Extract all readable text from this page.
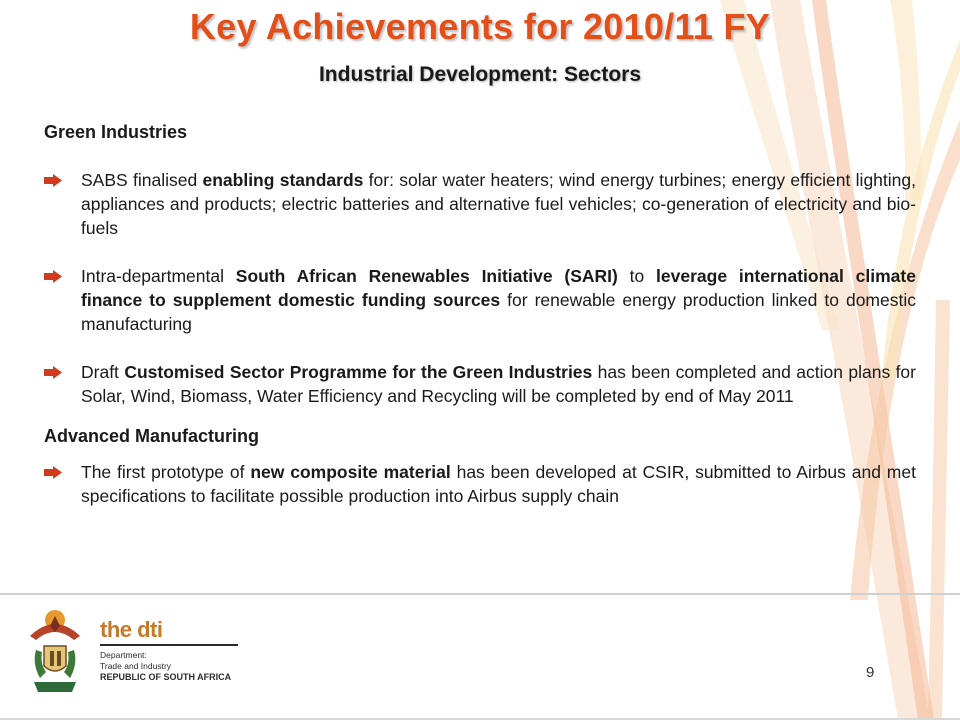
Key Achievements for 2010/11 FY
Industrial Development: Sectors
Green Industries
SABS finalised enabling standards for: solar water heaters; wind energy turbines; energy efficient lighting, appliances and products; electric batteries and alternative fuel vehicles; co-generation of electricity and bio-fuels
Intra-departmental South African Renewables Initiative (SARI) to leverage international climate finance to supplement domestic funding sources for renewable energy production linked to domestic manufacturing
Draft Customised Sector Programme for the Green Industries has been completed and action plans for Solar, Wind, Biomass, Water Efficiency and Recycling will be completed by end of May 2011
Advanced Manufacturing
The first prototype of new composite material has been developed at CSIR, submitted to Airbus and met specifications to facilitate possible production into Airbus supply chain
the dti
Department:
Trade and Industry
REPUBLIC OF SOUTH AFRICA	9
